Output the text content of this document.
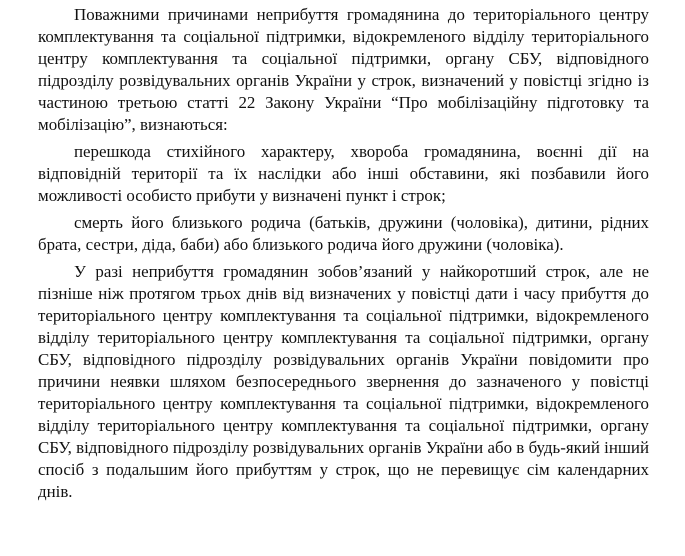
Поважними причинами неприбуття громадянина до територіального центру комплектування та соціальної підтримки, відокремленого відділу територіального центру комплектування та соціальної підтримки, органу СБУ, відповідного підрозділу розвідувальних органів України у строк, визначений у повістці згідно із частиною третьою статті 22 Закону України “Про мобілізаційну підготовку та мобілізацію”, визнаються:

перешкода стихійного характеру, хвороба громадянина, воєнні дії на відповідній території та їх наслідки або інші обставини, які позбавили його можливості особисто прибути у визначені пункт і строк;

смерть його близького родича (батьків, дружини (чоловіка), дитини, рідних брата, сестри, діда, баби) або близького родича його дружини (чоловіка).

У разі неприбуття громадянин зобов’язаний у найкоротший строк, але не пізніше ніж протягом трьох днів від визначених у повістці дати і часу прибуття до територіального центру комплектування та соціальної підтримки, відокремленого відділу територіального центру комплектування та соціальної підтримки, органу СБУ, відповідного підрозділу розвідувальних органів України повідомити про причини неявки шляхом безпосереднього звернення до зазначеного у повістці територіального центру комплектування та соціальної підтримки, відокремленого відділу територіального центру комплектування та соціальної підтримки, органу СБУ, відповідного підрозділу розвідувальних органів України або в будь-який інший спосіб з подальшим його прибуттям у строк, що не перевищує сім календарних днів.
